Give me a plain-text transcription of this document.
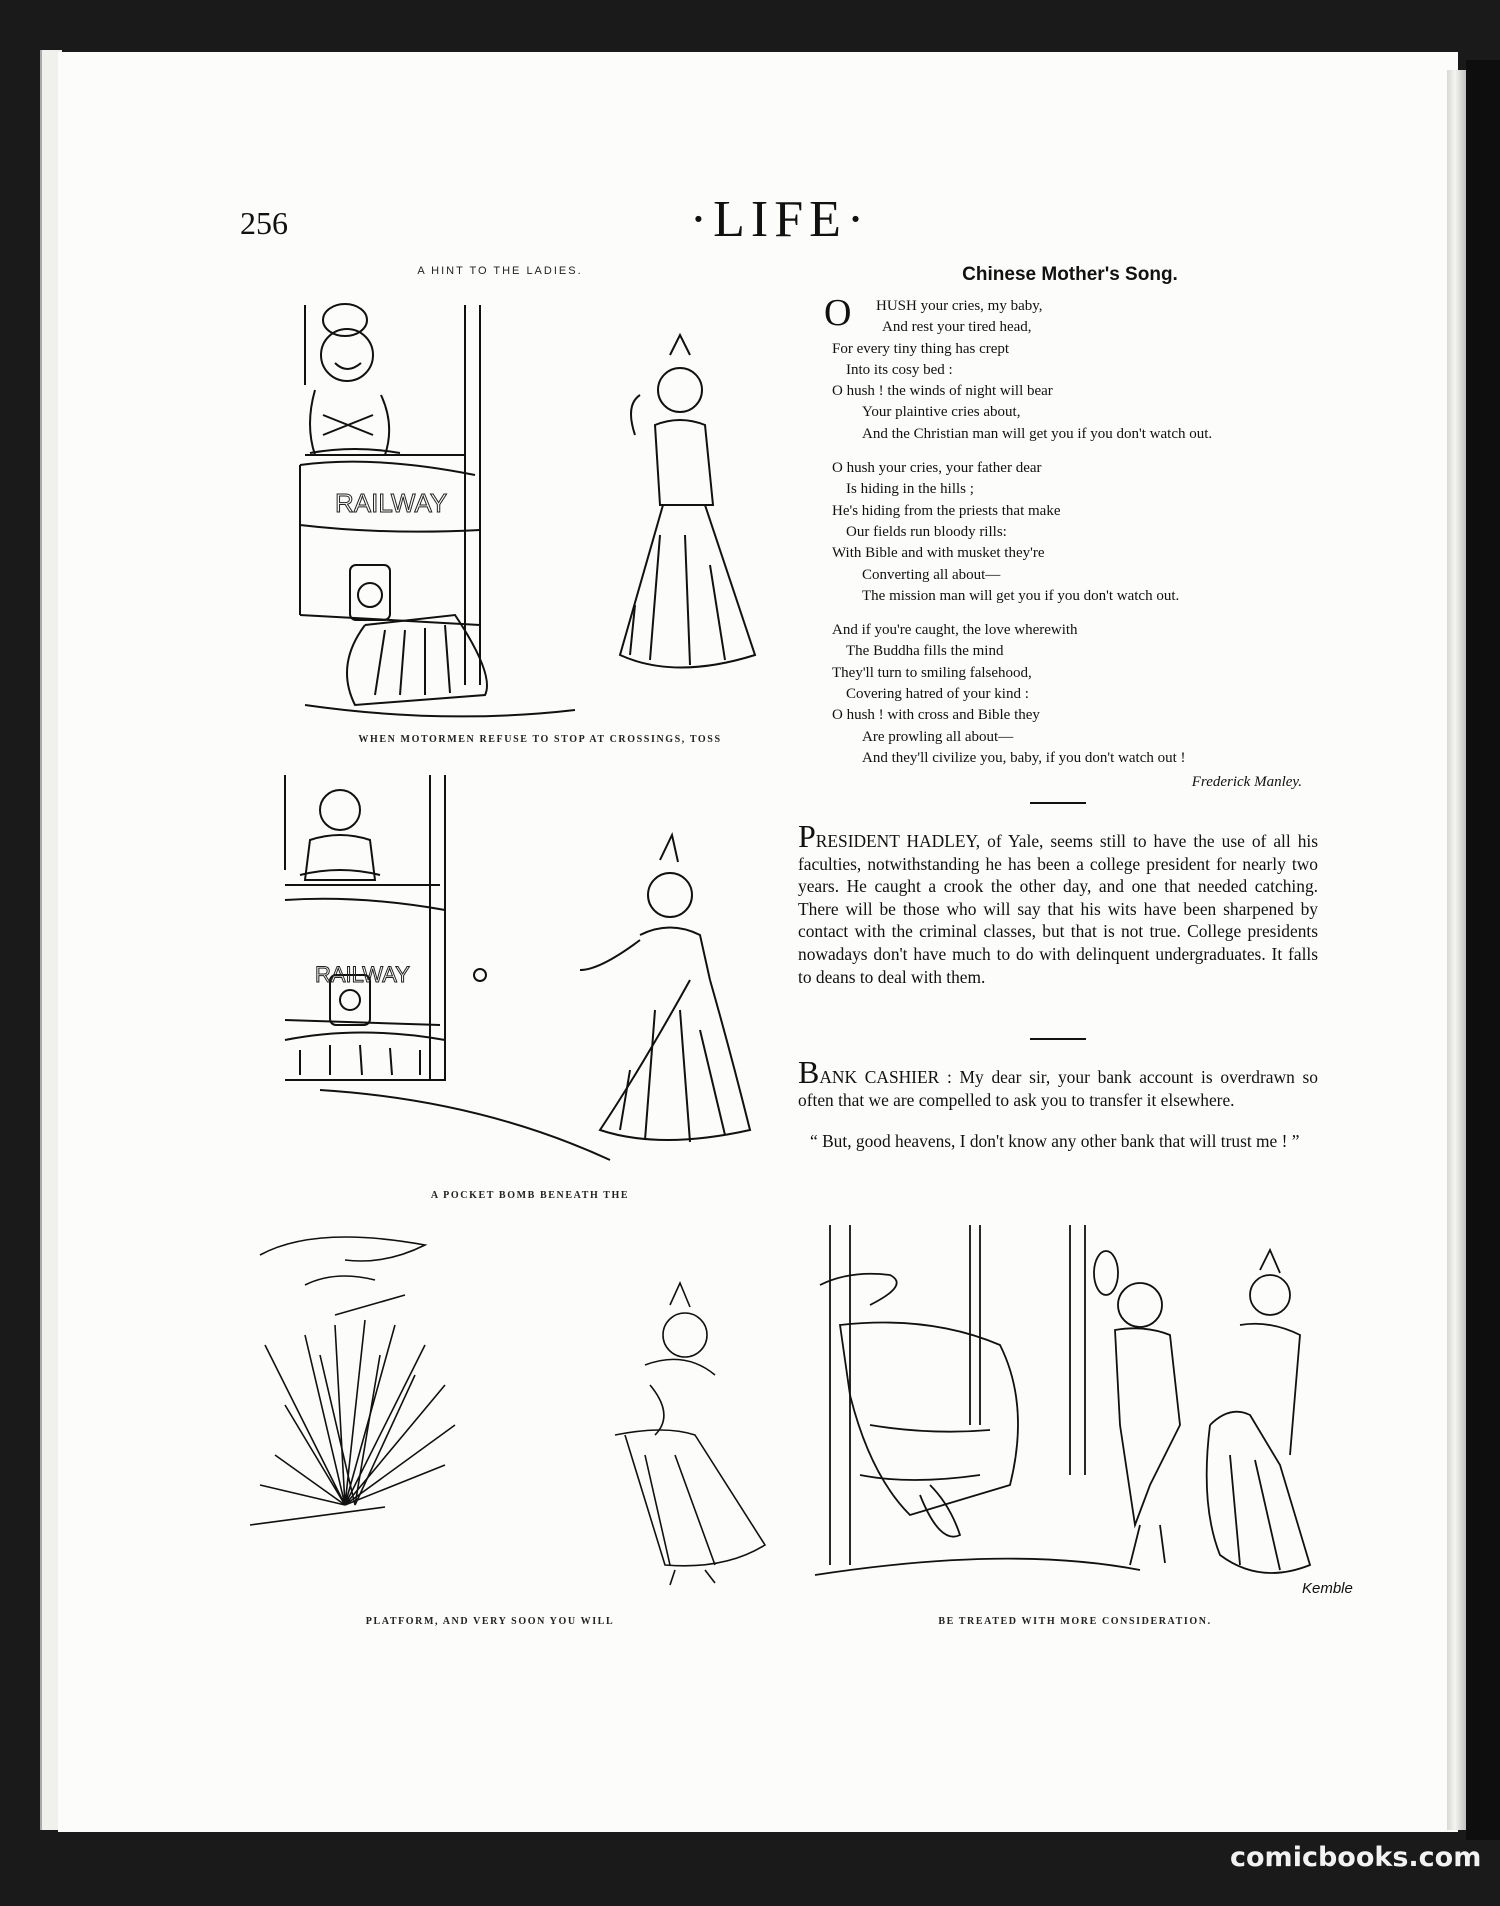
256	·LIFE·
A HINT TO THE LADIES.
RAILWAY
WHEN MOTORMEN REFUSE TO STOP AT CROSSINGS, TOSS
RAILWAY
A POCKET BOMB BENEATH THE
PLATFORM, AND VERY SOON YOU WILL
Kemble
BE TREATED WITH MORE CONSIDERATION.
Chinese Mother's Song.
O	HUSH your cries, my baby,
And rest your tired head,
For every tiny thing has crept
Into its cosy bed :
O hush ! the winds of night will bear
Your plaintive cries about,
And the Christian man will get you if you don't watch out.
O hush your cries, your father dear
Is hiding in the hills ;
He's hiding from the priests that make
Our fields run bloody rills:
With Bible and with musket they're
Converting all about—
The mission man will get you if you don't watch out.
And if you're caught, the love wherewith
The Buddha fills the mind
They'll turn to smiling falsehood,
Covering hatred of your kind :
O hush ! with cross and Bible they
Are prowling all about—
And they'll civilize you, baby, if you don't watch out !
Frederick Manley.
PRESIDENT HADLEY, of Yale, seems still to have the use of all his faculties, notwithstanding he has been a college president for nearly two years. He caught a crook the other day, and one that needed catching. There will be those who will say that his wits have been sharpened by contact with the criminal classes, but that is not true. College presidents nowadays don't have much to do with delinquent undergraduates. It falls to deans to deal with them.
BANK CASHIER : My dear sir, your bank account is overdrawn so often that we are compelled to ask you to transfer it elsewhere.
“ But, good heavens, I don't know any other bank that will trust me ! ”
comicbooks.com
